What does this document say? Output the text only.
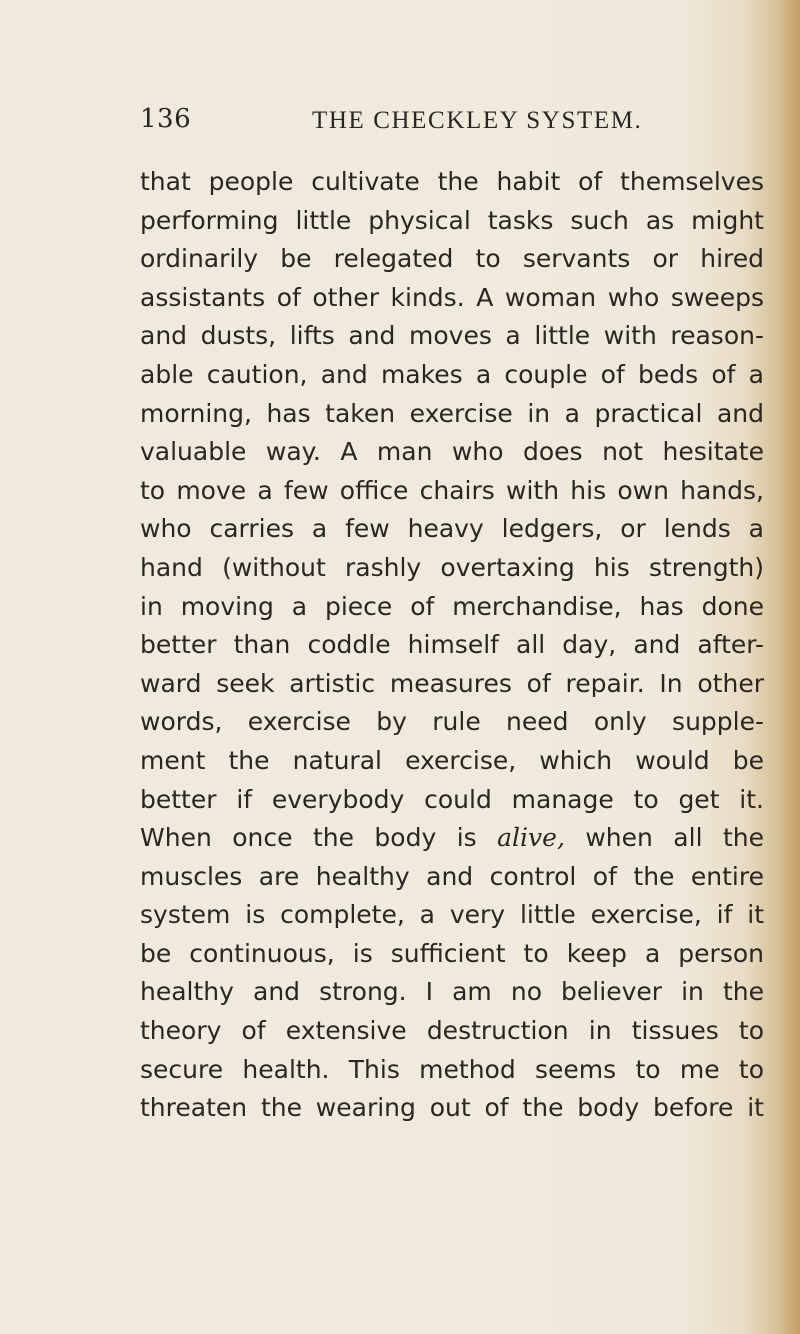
136	THE CHECKLEY SYSTEM.
that people cultivate the habit of themselves
performing little physical tasks such as might
ordinarily be relegated to servants or hired
assistants of other kinds. A woman who sweeps
and dusts, lifts and moves a little with reason-
able caution, and makes a couple of beds of a
morning, has taken exercise in a practical and
valuable way. A man who does not hesitate
to move a few office chairs with his own hands,
who carries a few heavy ledgers, or lends a
hand (without rashly overtaxing his strength)
in moving a piece of merchandise, has done
better than coddle himself all day, and after-
ward seek artistic measures of repair. In other
words, exercise by rule need only supple-
ment the natural exercise, which would be
better if everybody could manage to get it.
When once the body is alive, when all the
muscles are healthy and control of the entire
system is complete, a very little exercise, if it
be continuous, is sufficient to keep a person
healthy and strong. I am no believer in the
theory of extensive destruction in tissues to
secure health. This method seems to me to
threaten the wearing out of the body before it
